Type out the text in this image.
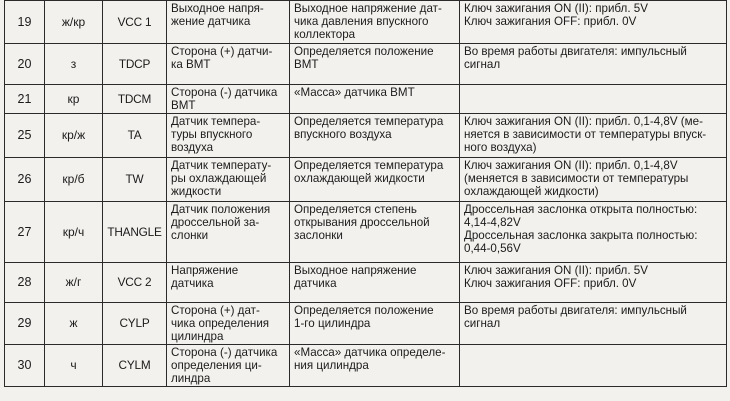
19	ж/кр	VCC 1	Выходное напря-
жение датчика	Выходное напряжение дат-
чика давления впускного
коллектора	Ключ зажигания ON (II): прибл. 5V
Ключ зажигания OFF: прибл. 0V

20	з	TDCP	Сторона (+) датчи-
ка ВМТ	Определяется положение
ВМТ	Во время работы двигателя: импульсный
сигнал

21	кр	TDCM	Сторона (-) датчика
ВМТ	«Масса» датчика ВМТ	

25	кр/ж	TA	Датчик темпера-
туры впускного
воздуха	Определяется температура
впускного воздуха	Ключ зажигания ON (II): прибл. 0,1-4,8V (ме-
няется в зависимости от температуры впуск-
ного воздуха)

26	кр/б	TW	Датчик температу-
ры охлаждающей
жидкости	Определяется температура
охлаждающей жидкости	Ключ зажигания ON (II): прибл. 0,1-4,8V
(меняется в зависимости от температуры
охлаждающей жидкости)

27	кр/ч	THANGLE	Датчик положения
дроссельной за-
слонки	Определяется степень
открывания дроссельной
заслонки	Дроссельная заслонка открыта полностью:
4,14-4,82V
Дроссельная заслонка закрыта полностью:
0,44-0,56V

28	ж/г	VCC 2	Напряжение
датчика	Выходное напряжение
датчика	Ключ зажигания ON (II): прибл. 5V
Ключ зажигания OFF: прибл. 0V

29	ж	CYLP	Сторона (+) дат-
чика определения
цилиндра	Определяется положение
1-го цилиндра	Во время работы двигателя: импульсный
сигнал

30	ч	CYLM	Сторона (-) датчика
определения ци-
линдра	«Масса» датчика определе-
ния цилиндра	
